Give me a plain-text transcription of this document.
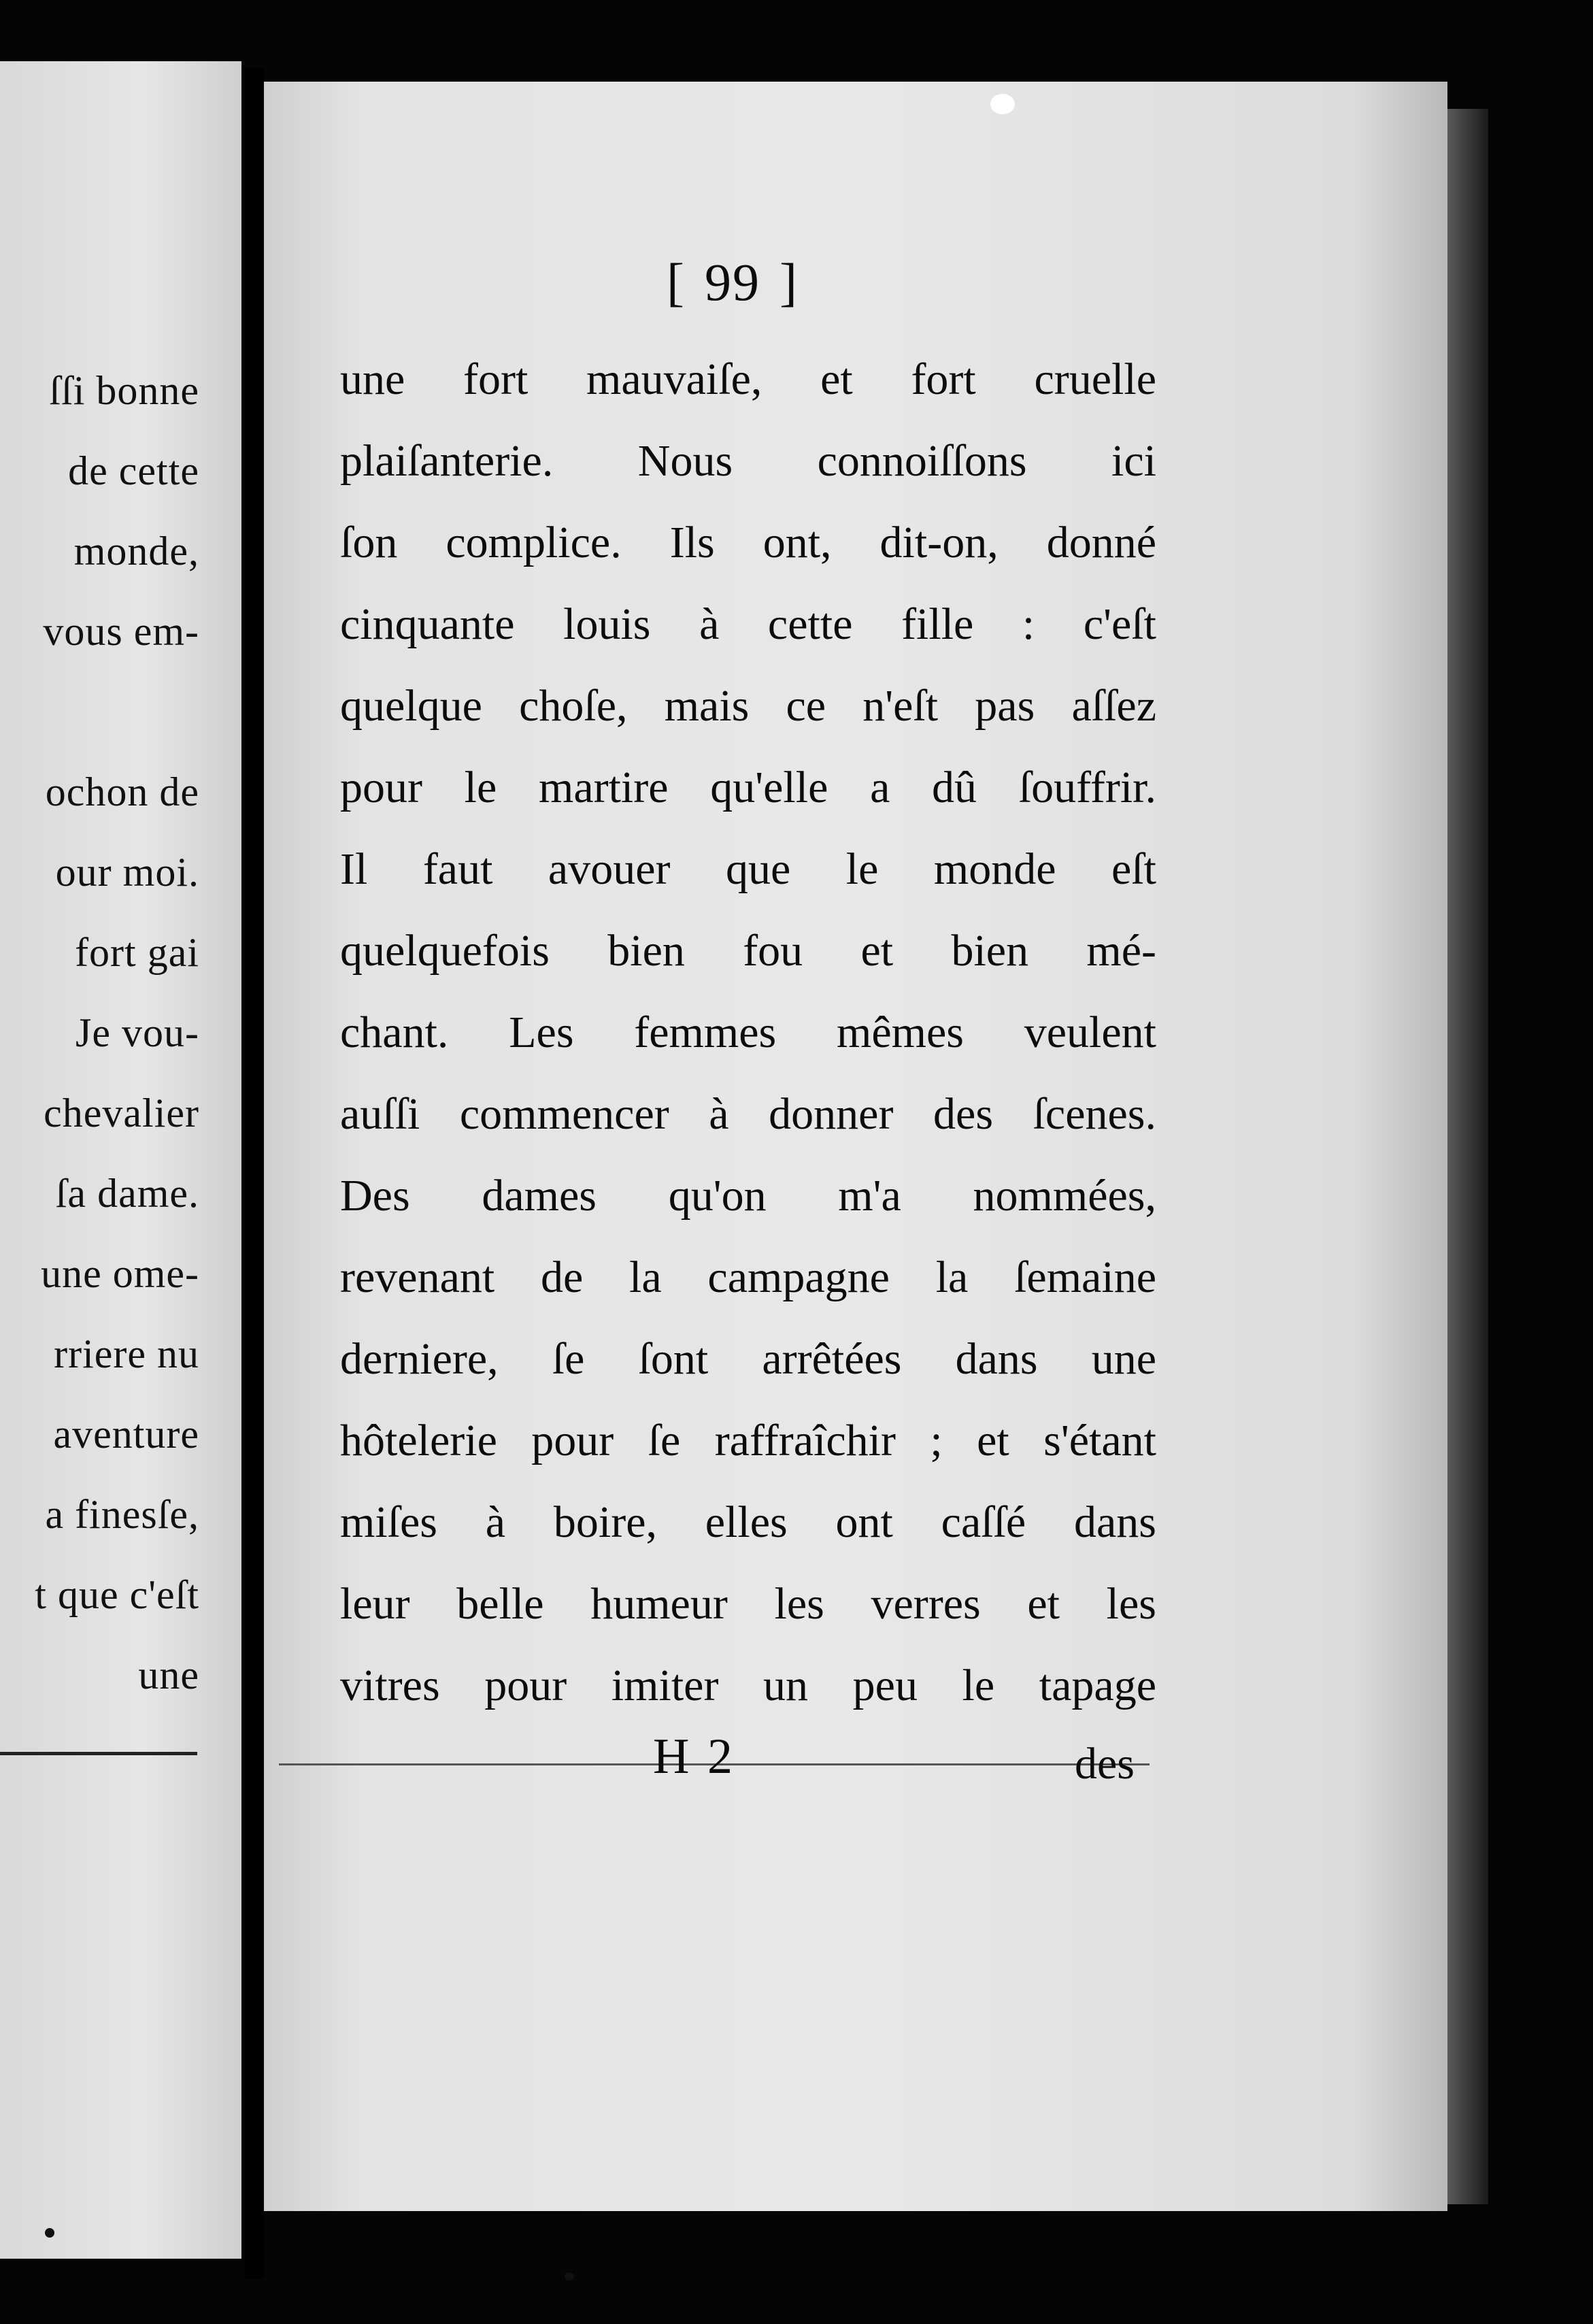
ſſi bonne
de cette
monde,
vous em-
ochon de
our moi.
fort gai
Je vou-
chevalier
ſa dame.
une ome-
rriere nu
aventure
a finesſe,
t que c'eſt
une
[ 99 ]
une fort mauvaiſe, et fort cruelle
plaiſanterie. Nous connoiſſons ici
ſon complice. Ils ont, dit-on, donné
cinquante louis à cette fille : c'eſt
quelque choſe, mais ce n'eſt pas aſſez
pour le martire qu'elle a dû ſouffrir.
Il faut avouer que le monde eſt
quelquefois bien fou et bien mé-
chant. Les femmes mêmes veulent
auſſi commencer à donner des ſcenes.
Des dames qu'on m'a nommées,
revenant de la campagne la ſemaine
derniere, ſe ſont arrêtées dans une
hôtelerie pour ſe raffraîchir ; et s'étant
miſes à boire, elles ont caſſé dans
leur belle humeur les verres et les
vitres pour imiter un peu le tapage
H 2	des
